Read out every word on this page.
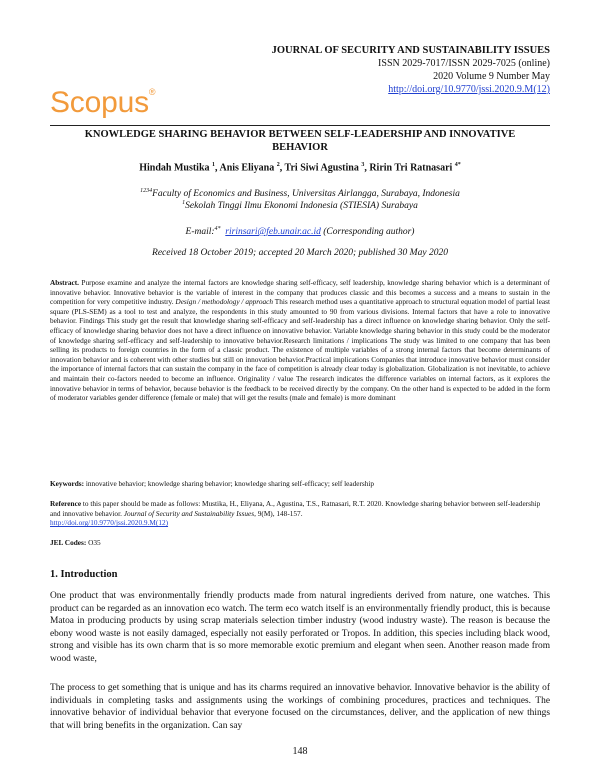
JOURNAL OF SECURITY AND SUSTAINABILITY ISSUES
ISSN 2029-7017/ISSN 2029-7025 (online)
2020 Volume 9 Number May
http://doi.org/10.9770/jssi.2020.9.M(12)
Scopus®
KNOWLEDGE SHARING BEHAVIOR BETWEEN SELF-LEADERSHIP AND INNOVATIVE BEHAVIOR
Hindah Mustika $^1$, Anis Eliyana $^2$, Tri Siwi Agustina $^3$, Ririn Tri Ratnasari $^{4*}$
$^{1234}$Faculty of Economics and Business, Universitas Airlangga, Surabaya, Indonesia
$^1$Sekolah Tinggi Ilmu Ekonomi Indonesia (STIESIA) Surabaya
E-mail:$^{4*}$ ririnsari@feb.unair.ac.id (Corresponding author)
Received 18 October 2019; accepted 20 March 2020; published 30 May 2020
Abstract. Purpose examine and analyze the internal factors are knowledge sharing self-efficacy, self leadership, knowledge sharing behavior which is a determinant of innovative behavior. Innovative behavior is the variable of interest in the company that produces classic and this becomes a success and a means to sustain in the competition for very competitive industry. Design / methodology / approach This research method uses a quantitative approach to structural equation model of partial least square (PLS-SEM) as a tool to test and analyze, the respondents in this study amounted to 90 from various divisions. Internal factors that have a role to innovative behavior. Findings This study get the result that knowledge sharing self-efficacy and self-leadership has a direct influence on knowledge sharing behavior. Only the self-efficacy of knowledge sharing behavior does not have a direct influence on innovative behavior. Variable knowledge sharing behavior in this study could be the moderator of knowledge sharing self-efficacy and self-leadership to innovative behavior.Research limitations / implications The study was limited to one company that has been selling its products to foreign countries in the form of a classic product. The existence of multiple variables of a strong internal factors that become determinants of innovation behavior and is coherent with other studies but still on innovation behavior.Practical implications Companies that introduce innovative behavior must consider the importance of internal factors that can sustain the company in the face of competition is already clear today is globalization. Globalization is not inevitable, to achieve and maintain their co-factors needed to become an influence. Originality / value The research indicates the difference variables on internal factors, as it explores the innovative behavior in terms of behavior, because behavior is the feedback to be received directly by the company. On the other hand is expected to be added in the form of moderator variables gender difference (female or male) that will get the results (male and female) is more dominant
Keywords: innovative behavior; knowledge sharing behavior; knowledge sharing self-efficacy; self leadership
Reference to this paper should be made as follows: Mustika, H., Eliyana, A., Agustina, T.S., Ratnasari, R.T. 2020. Knowledge sharing behavior between self-leadership and innovative behavior. Journal of Security and Sustainability Issues, 9(M), 148-157.
http://doi.org/10.9770/jssi.2020.9.M(12)
JEL Codes: O35
1. Introduction
One product that was environmentally friendly products made from natural ingredients derived from nature, one watches. This product can be regarded as an innovation eco watch. The term eco watch itself is an environmentally friendly product, this is because Matoa in producing products by using scrap materials selection timber industry (wood industry waste). The reason is because the ebony wood waste is not easily damaged, especially not easily perforated or Tropos. In addition, this species including black wood, strong and visible has its own charm that is so more memorable exotic premium and elegant when seen. Another reason made from wood waste,
The process to get something that is unique and has its charms required an innovative behavior. Innovative behavior is the ability of individuals in completing tasks and assignments using the workings of combining procedures, practices and techniques. The innovative behavior of individual behavior that everyone focused on the circumstances, deliver, and the application of new things that will bring benefits in the organization. Can say
148
